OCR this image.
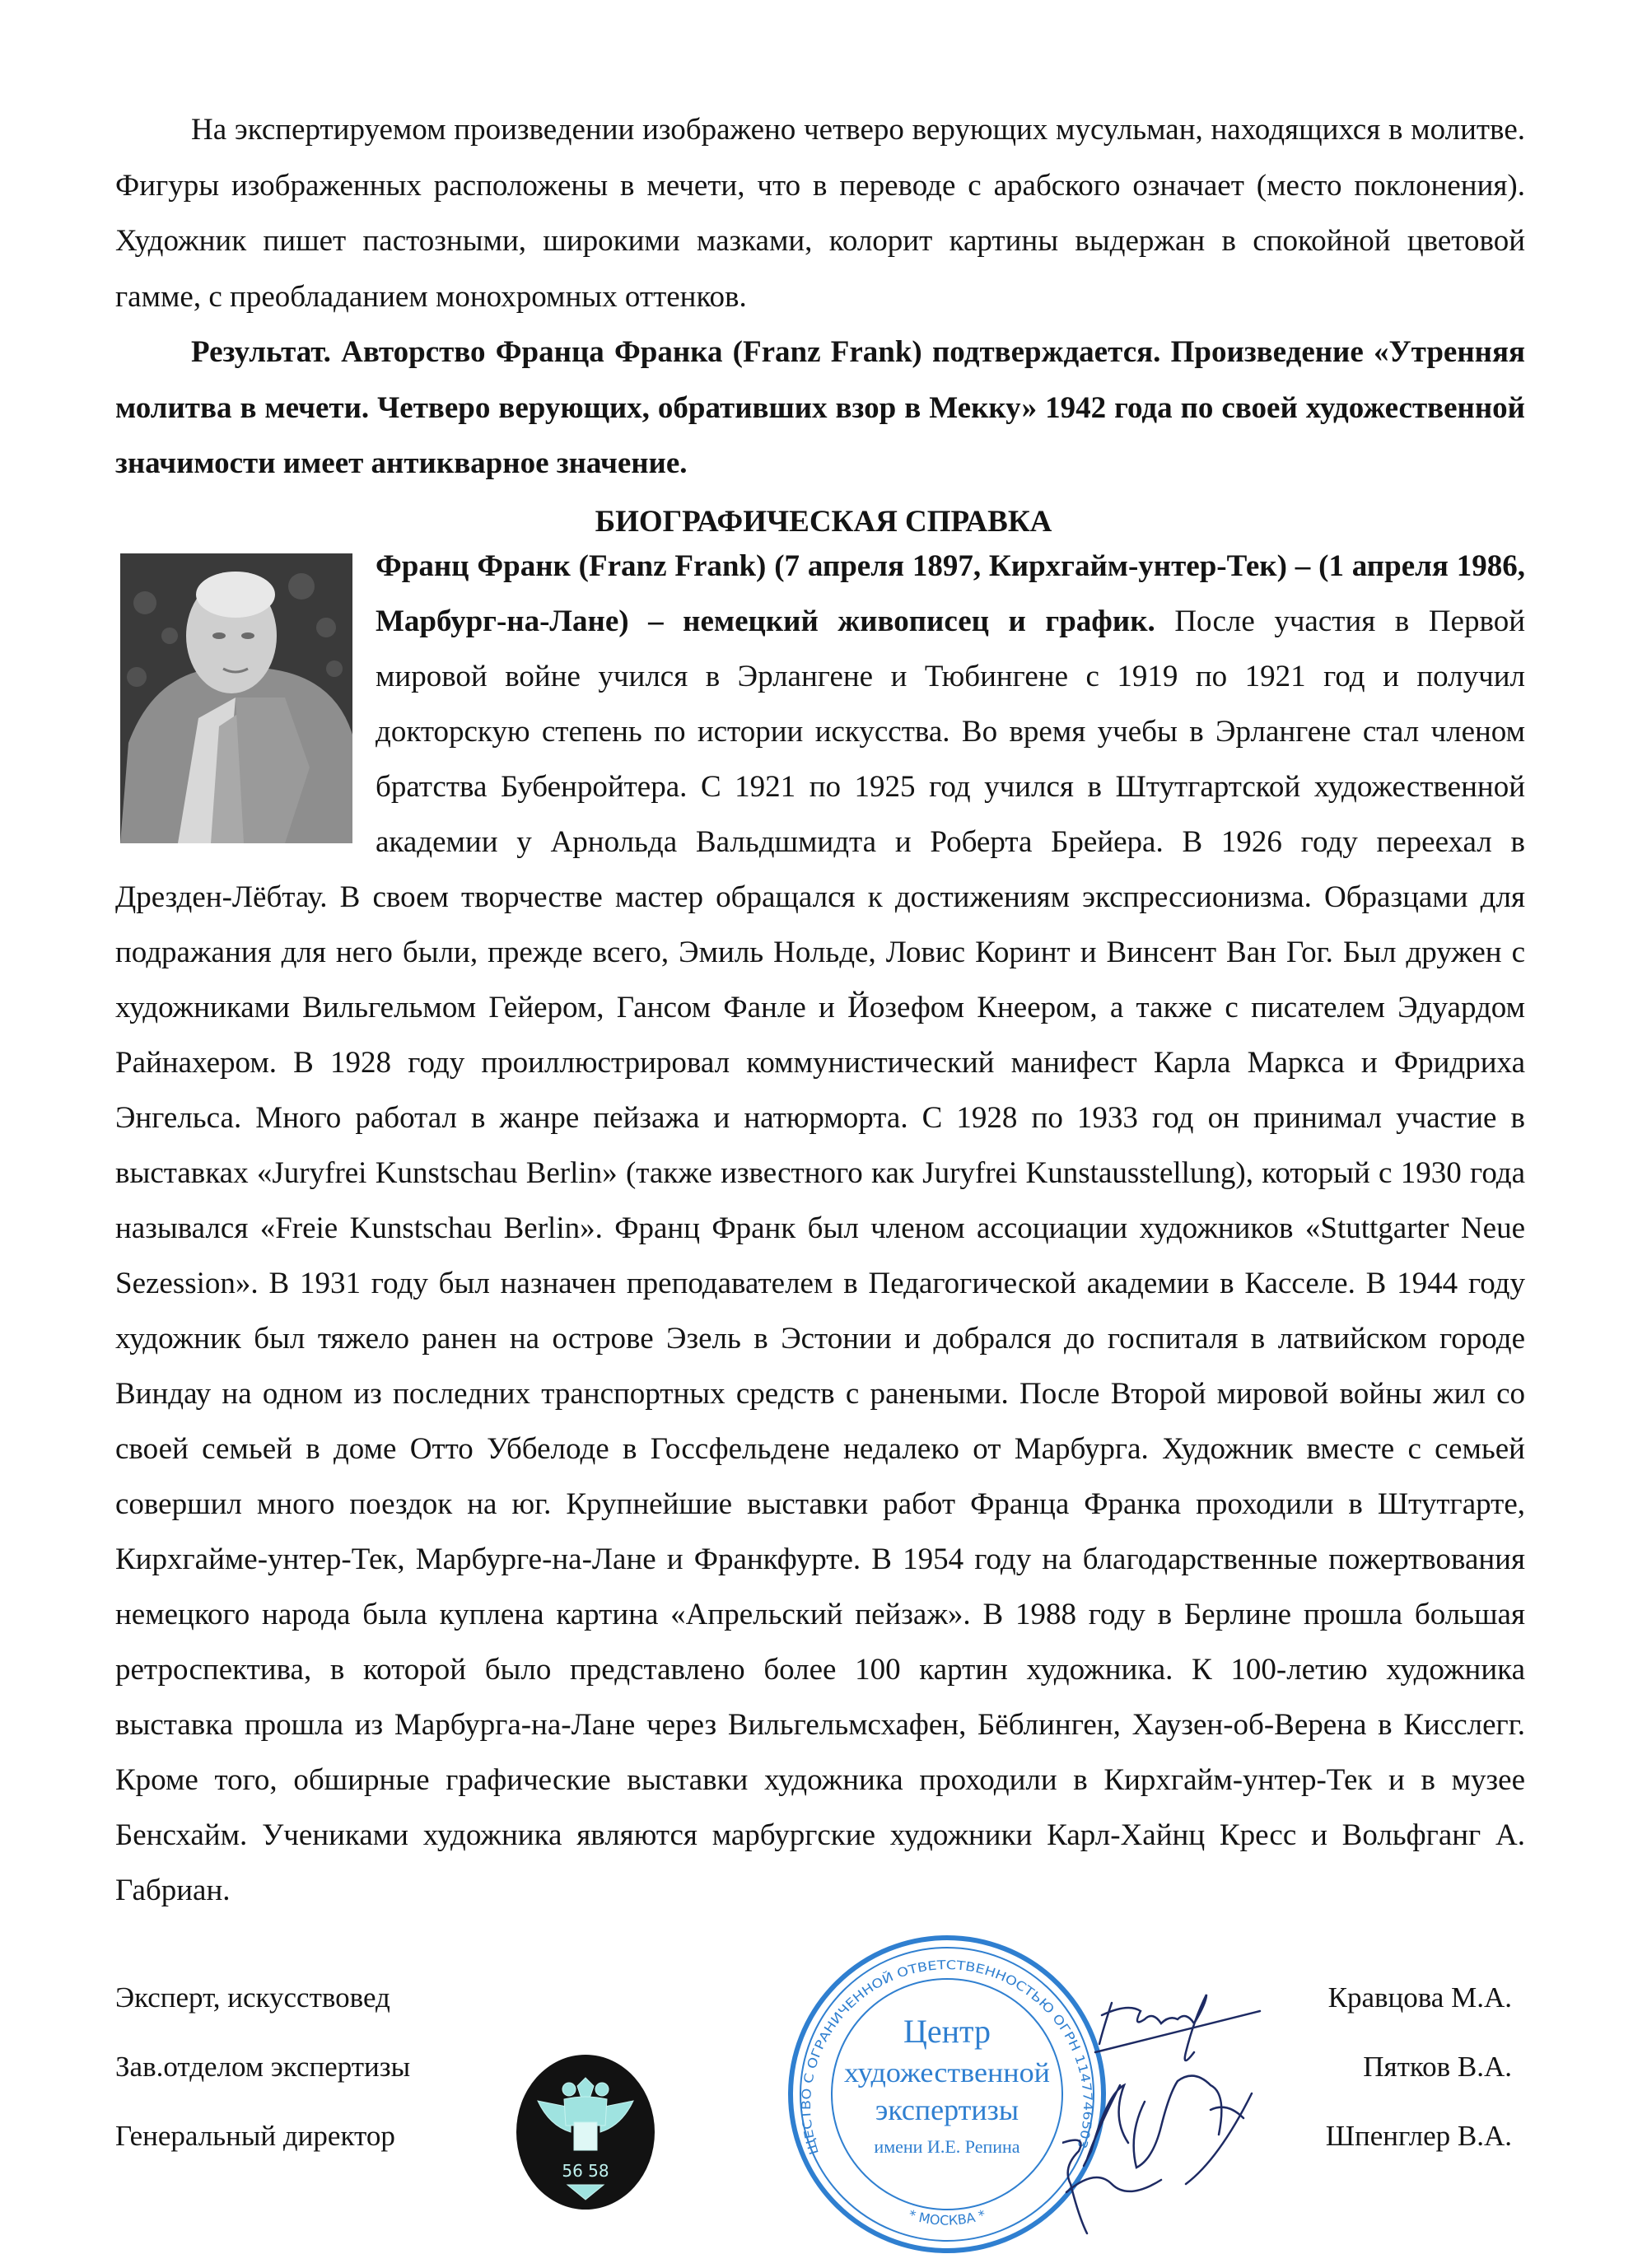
На экспертируемом произведении изображено четверо верующих мусульман, находящихся в молитве. Фигуры изображенных расположены в мечети, что в переводе с арабского означает (место поклонения). Художник пишет пастозными, широкими мазками, колорит картины выдержан в спокойной цветовой гамме, с преобладанием монохромных оттенков.

Результат. Авторство Франца Франка (Franz Frank) подтверждается. Произведение «Утренняя молитва в мечети. Четверо верующих, обративших взор в Мекку» 1942 года по своей художественной значимости имеет антикварное значение.

БИОГРАФИЧЕСКАЯ СПРАВКА
Франц Франк (Franz Frank) (7 апреля 1897, Кирхгайм-унтер-Тек) – (1 апреля 1986, Марбург-на-Лане) – немецкий живописец и график. После участия в Первой мировой войне учился в Эрлангене и Тюбингене с 1919 по 1921 год и получил докторскую степень по истории искусства. Во время учебы в Эрлангене стал членом братства Бубенройтера. С 1921 по 1925 год учился в Штутгартской художественной академии у Арнольда Вальдшмидта и Роберта Брейера. В 1926 году переехал в Дрезден-Лёбтау. В своем творчестве мастер обращался к достижениям экспрессионизма. Образцами для подражания для него были, прежде всего, Эмиль Нольде, Ловис Коринт и Винсент Ван Гог. Был дружен с художниками Вильгельмом Гейером, Гансом Фанле и Йозефом Кнеером, а также с писателем Эдуардом Райнахером. В 1928 году проиллюстрировал коммунистический манифест Карла Маркса и Фридриха Энгельса. Много работал в жанре пейзажа и натюрморта. С 1928 по 1933 год он принимал участие в выставках «Juryfrei Kunstschau Berlin» (также известного как Juryfrei Kunstausstellung), который с 1930 года назывался «Freie Kunstschau Berlin». Франц Франк был членом ассоциации художников «Stuttgarter Neue Sezession». В 1931 году был назначен преподавателем в Педагогической академии в Касселе. В 1944 году художник был тяжело ранен на острове Эзель в Эстонии и добрался до госпиталя в латвийском городе Виндау на одном из последних транспортных средств с ранеными. После Второй мировой войны жил со своей семьей в доме Отто Уббелоде в Госсфельдене недалеко от Марбурга. Художник вместе с семьей совершил много поездок на юг. Крупнейшие выставки работ Франца Франка проходили в Штутгарте, Кирхгайме-унтер-Тек, Марбурге-на-Лане и Франкфурте. В 1954 году на благодарственные пожертвования немецкого народа была куплена картина «Апрельский пейзаж». В 1988 году в Берлине прошла большая ретроспектива, в которой было представлено более 100 картин художника. К 100-летию художника выставка прошла из Марбурга-на-Лане через Вильгельмсхафен, Бёблинген, Хаузен-об-Верена в Кисслегг. Кроме того, обширные графические выставки художника проходили в Кирхгайм-унтер-Тек и в музее Бенсхайм. Учениками художника являются марбургские художники Карл-Хайнц Кресс и Вольфганг А. Габриан.
Эксперт, искусствовед	Кравцова М.А.
Зав.отделом экспертизы	Пятков В.А.
Генеральный директор	Шпенглер В.А.
56 58
ЩЕСТВО С ОГРАНИЧЕННОЙ ОТВЕТСТВЕННОСТЬЮ ОГРН 1147746503
* МОСКВА *
Центр
художественной
экспертизы
имени И.Е. Репина
